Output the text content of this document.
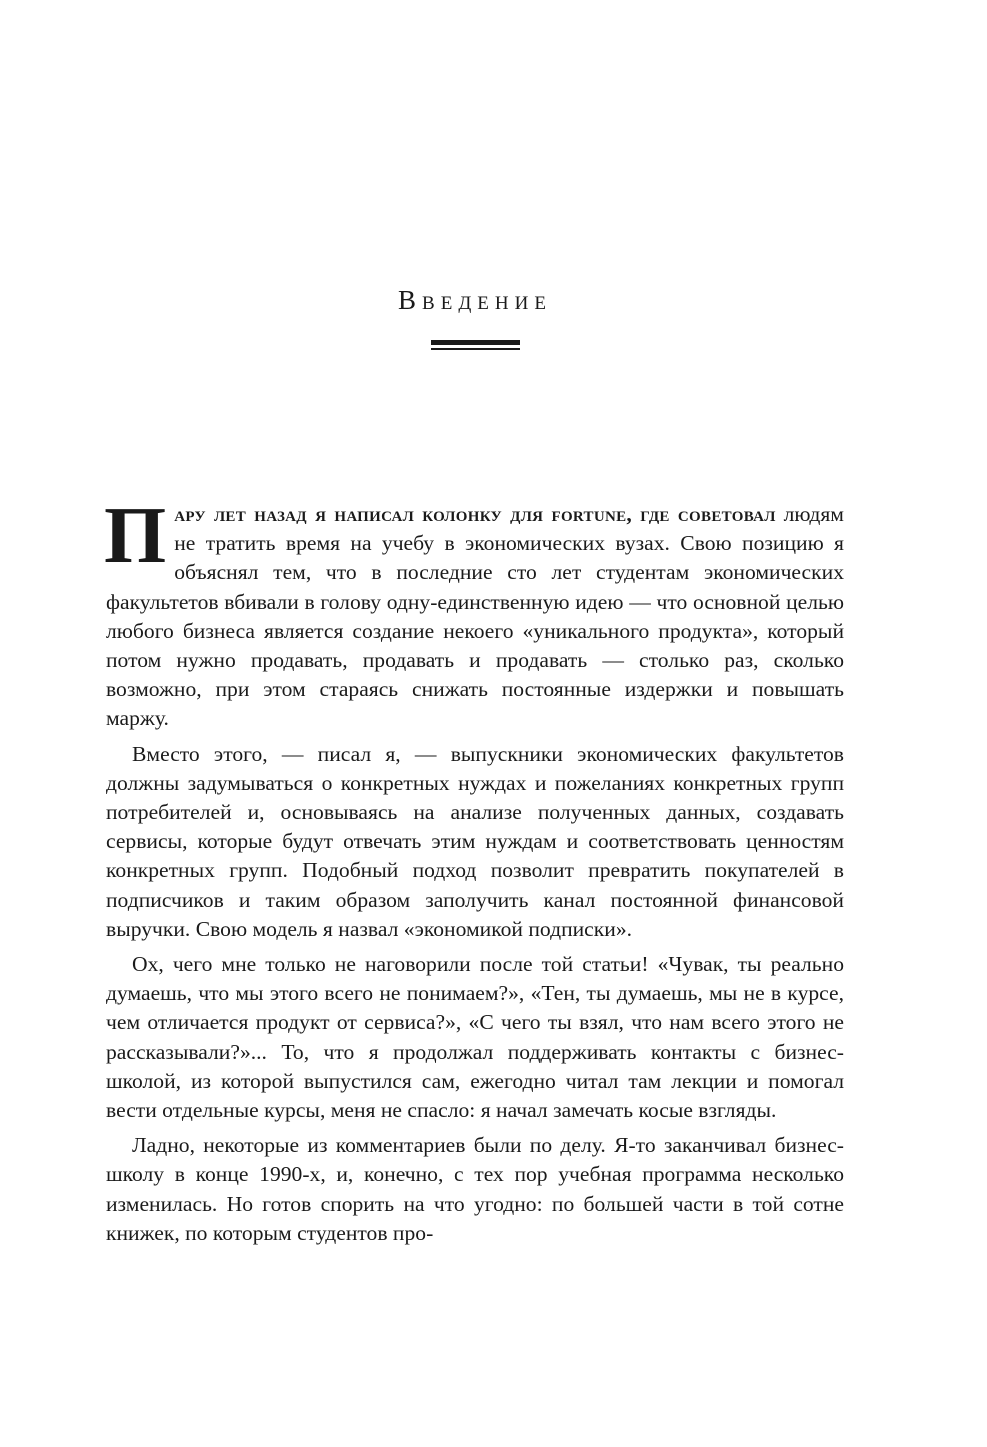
Введение

Пару лет назад я написал колонку для fortune, где советовал людям не тратить время на учебу в экономических вузах. Свою позицию я объяснял тем, что в последние сто лет студентам экономических факультетов вбивали в голову одну-единственную идею — что основной целью любого бизнеса является создание некоего «уникального продукта», который потом нужно продавать, продавать и продавать — столько раз, сколько возможно, при этом стараясь снижать постоянные издержки и повышать маржу.

Вместо этого, — писал я, — выпускники экономических факультетов должны задумываться о конкретных нуждах и пожеланиях конкретных групп потребителей и, основываясь на анализе полученных данных, создавать сервисы, которые будут отвечать этим нуждам и соответствовать ценностям конкретных групп. Подобный подход позволит превратить покупателей в подписчиков и таким образом заполучить канал постоянной финансовой выручки. Свою модель я назвал «экономикой подписки».

Ох, чего мне только не наговорили после той статьи! «Чувак, ты реально думаешь, что мы этого всего не понимаем?», «Тен, ты думаешь, мы не в курсе, чем отличается продукт от сервиса?», «С чего ты взял, что нам всего этого не рассказывали?»... То, что я продолжал поддерживать контакты с бизнес-школой, из которой выпустился сам, ежегодно читал там лекции и помогал вести отдельные курсы, меня не спасло: я начал замечать косые взгляды.

Ладно, некоторые из комментариев были по делу. Я-то заканчивал бизнес-школу в конце 1990-х, и, конечно, с тех пор учебная программа несколько изменилась. Но готов спорить на что угодно: по большей части в той сотне книжек, по которым студентов про-
